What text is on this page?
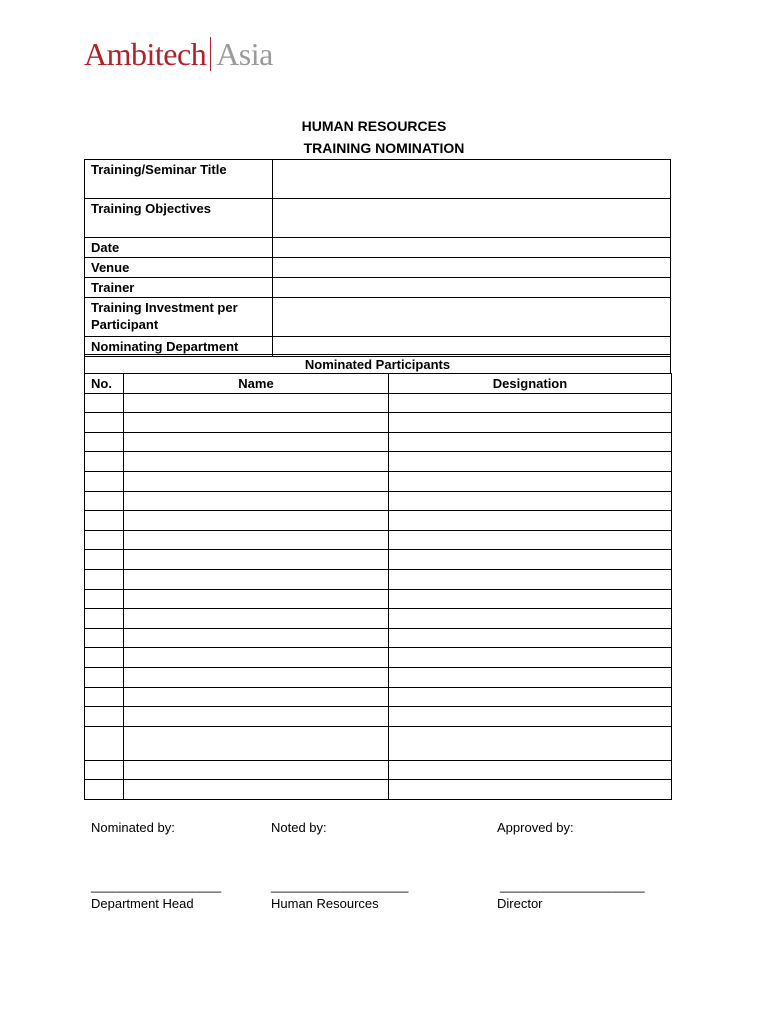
Ambitech Asia
HUMAN RESOURCES
TRAINING NOMINATION
Training/Seminar Title	
Training Objectives	
Date	
Venue	
Trainer	
Training Investment per Participant	
Nominating Department	
Nominated Participants
No.	Name	Designation

Nominated by:	Noted by:	Approved by:
__________________	___________________	____________________
Department Head	Human Resources	Director
